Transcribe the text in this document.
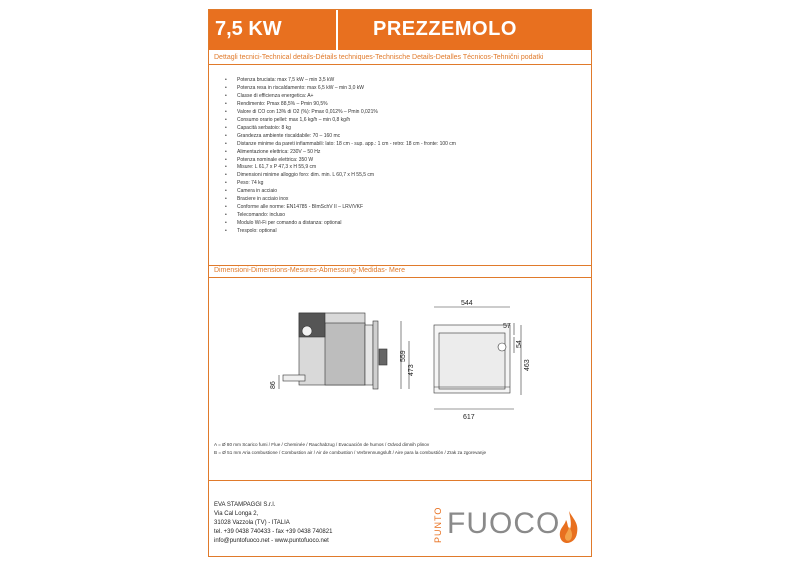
7,5 KW	PREZZEMOLO
Dettagli tecnici-Technical details-Détails techniques-Technische Details-Detalles Técnicos-Tehnični podatki
• Potenza bruciata: max 7,5 kW – min 3,5 kW
• Potenza resa in riscaldamento: max 6,5 kW – min 3,0 kW
• Classe di efficienza energetica: A+
• Rendimento: Pmax 88,5% – Pmin 90,5%
• Valore di CO con 13% di O2 (%): Pmax 0,012% – Pmin 0,021%
• Consumo orario pellet: max 1,6 kg/h – min 0,8 kg/h
• Capacità serbatoio: 8 kg
• Grandezza ambiente riscaldabile: 70 – 160 mc
• Distanze minime da pareti infiammabili: lato: 18 cm - sup. app.: 1 cm - retro: 18 cm - fronte: 100 cm
• Alimentazione elettrica: 230V – 50 Hz
• Potenza nominale elettrica: 350 W
• Misure: L 61,7 x P 47,3 x H 55,9 cm
• Dimensioni minime alloggio foro: dim. min. L 60,7 x H 55,5 cm
• Peso: 74 kg
• Camera in acciaio
• Braciere in acciaio inox
• Conforme alle norme: EN14785 - BImSchV II – LRV/VKF
• Telecomando: incluso
• Modulo Wi-Fi per comando a distanza: optional
• Trespolo: optional
Dimensioni-Dimensions-Mesures-Abmessung-Medidas- Mere
559
473
86
544
57
54
463
617
A = Ø 80 mm Scarico fumi / Flue / Cheminée / Rauchabzug / Evacuación de humos / Odvod dimnih plinov
B = Ø 51 mm Aria combustione / Combustion air / Air de combustion / Verbrennungsluft / Aire para la combustión / Zrak za zgorevanje
EVA STAMPAGGI S.r.l.
Via Cal Longa 2,
31028 Vazzola (TV) - ITALIA
tel. +39 0438 740433 - fax +39 0438 740821
info@puntofuoco.net - www.puntofuoco.net	PUNTO FUOCO
